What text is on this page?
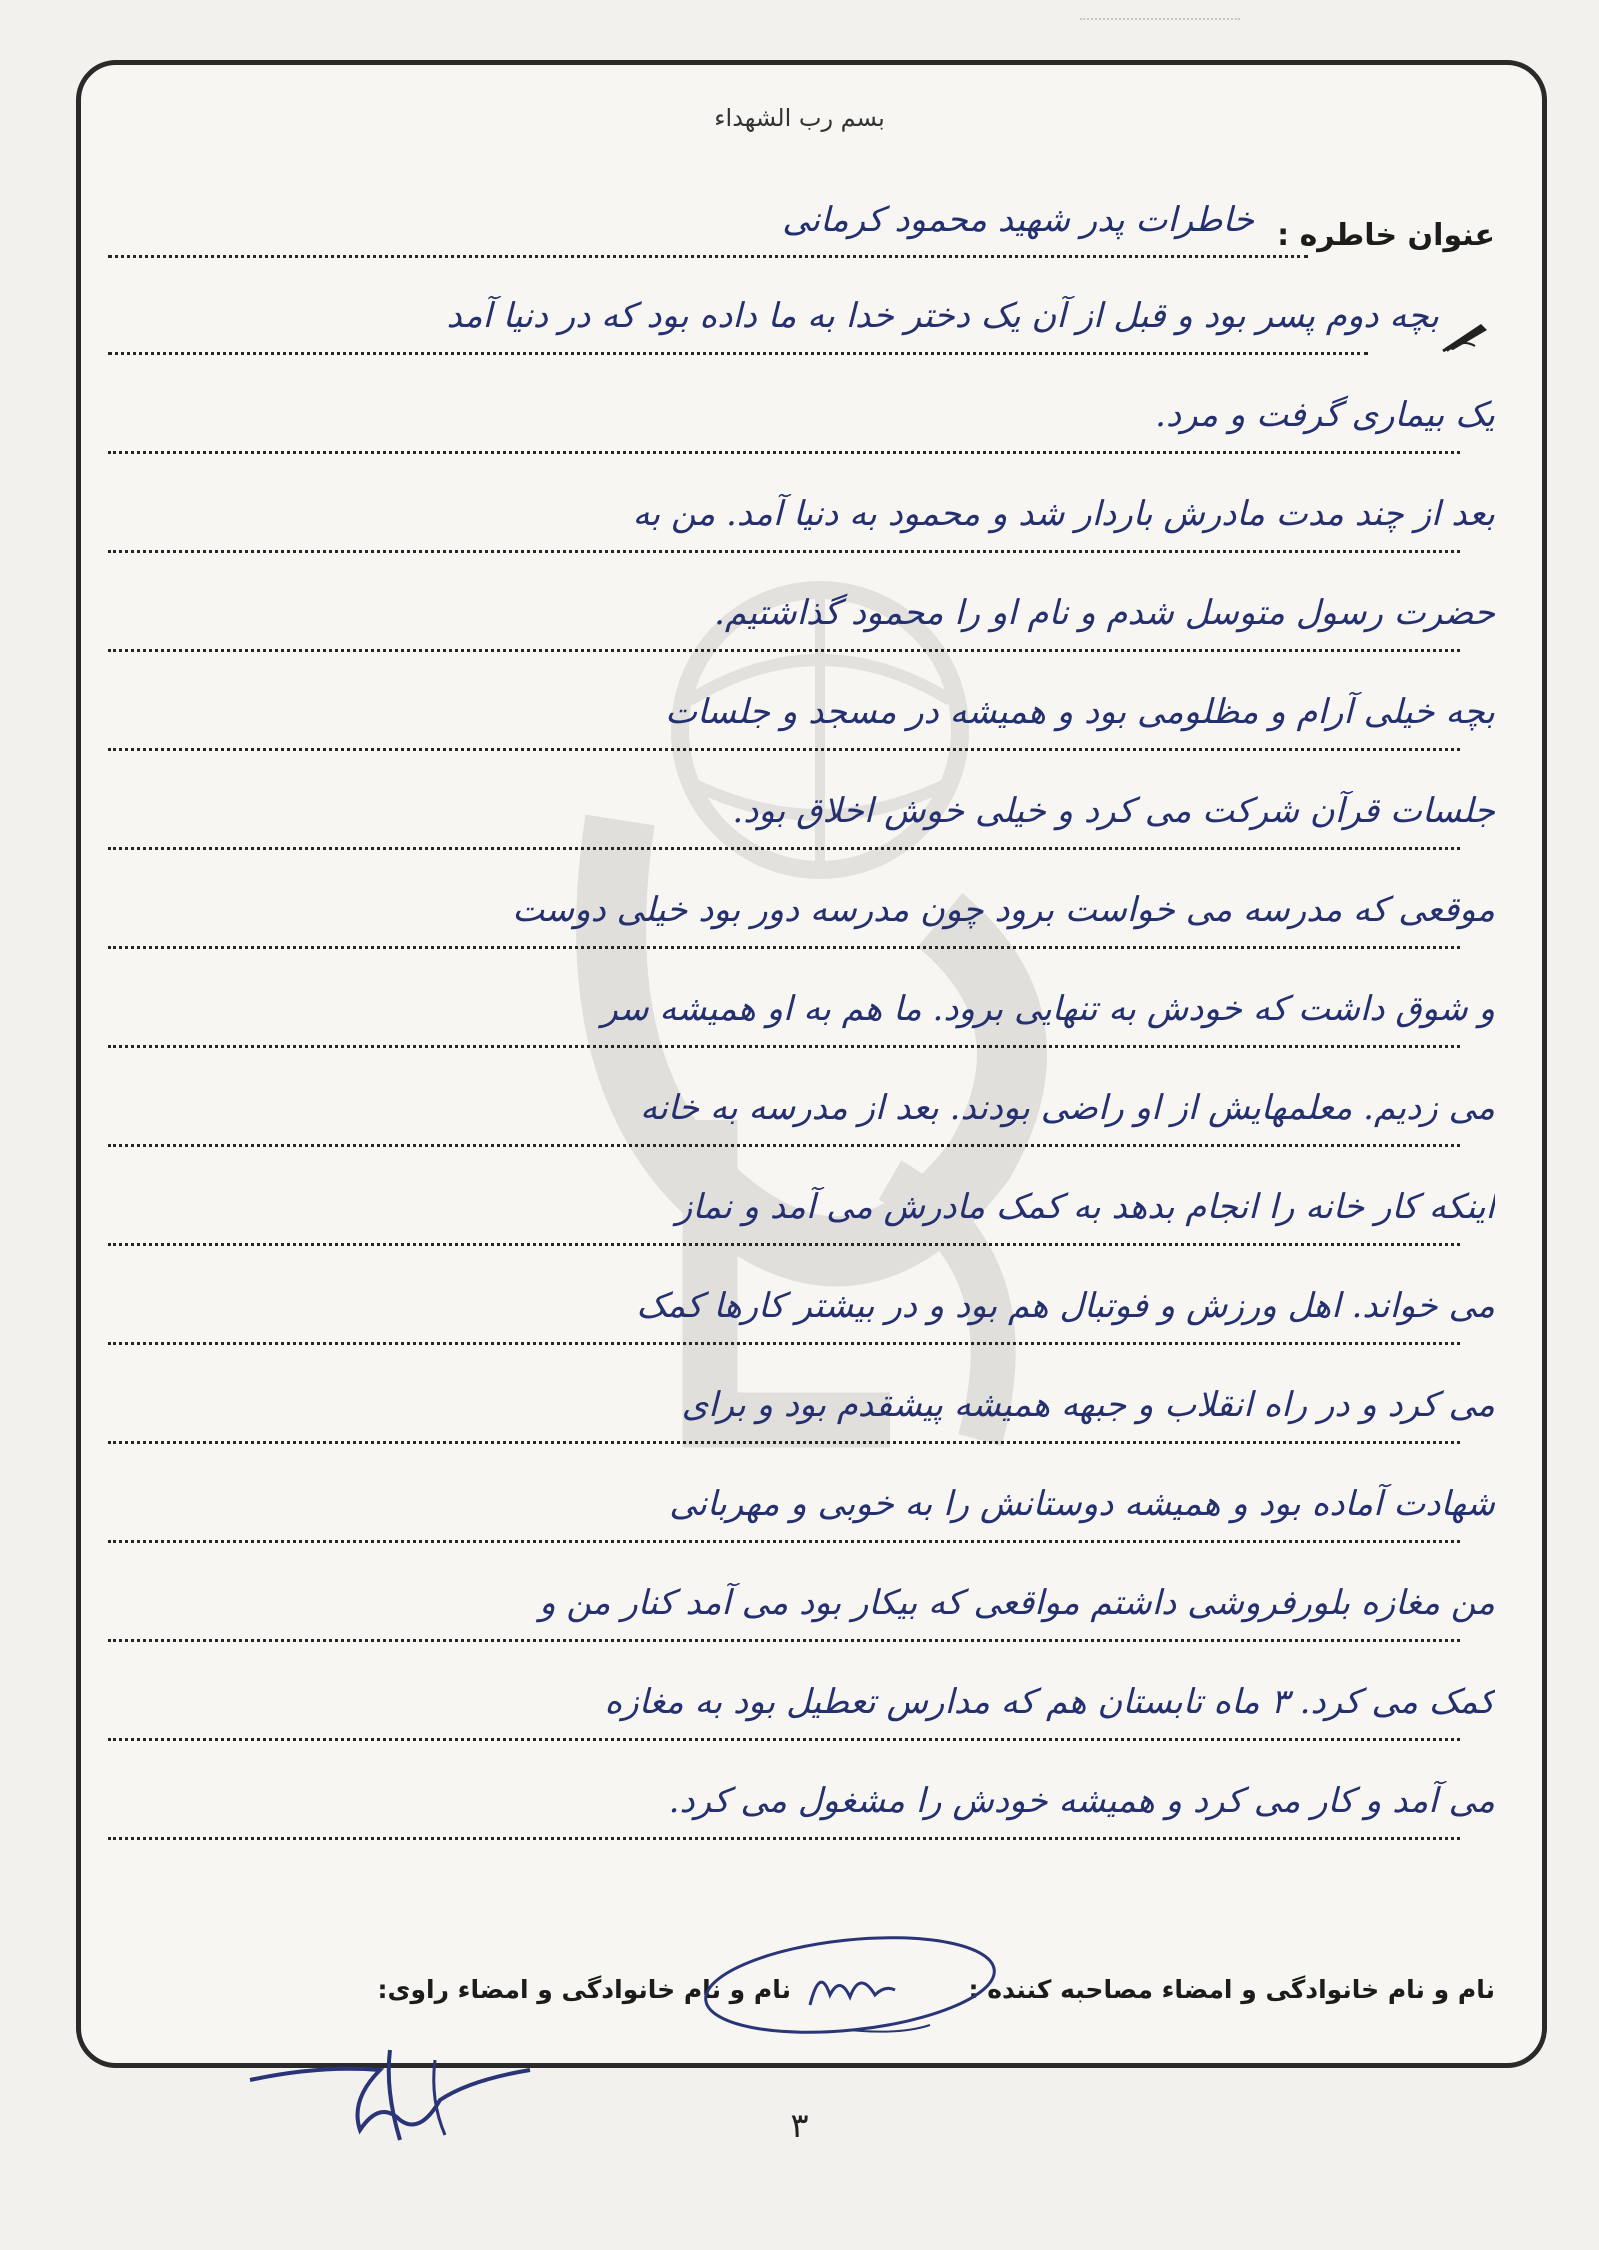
بسم رب الشهداء
عنوان خاطره :
خاطرات پدر شهید محمود کرمانی
بچه دوم پسر بود و قبل از آن یک دختر خدا به ما داده بود که در دنیا آمد
یک بیماری گرفت و مرد.
بعد از چند مدت مادرش باردار شد و محمود به دنیا آمد. من به
حضرت رسول متوسل شدم و نام او را محمود گذاشتیم.
بچه خیلی آرام و مظلومی بود و همیشه در مسجد و جلسات
جلسات قرآن شرکت می کرد و خیلی خوش اخلاق بود.
موقعی که مدرسه می خواست برود چون مدرسه دور بود خیلی دوست
و شوق داشت که خودش به تنهایی برود. ما هم به او همیشه سر
می زدیم. معلمهایش از او راضی بودند. بعد از مدرسه به خانه
اینکه کار خانه را انجام بدهد به کمک مادرش می آمد و نماز
می خواند. اهل ورزش و فوتبال هم بود و در بیشتر کارها کمک
می کرد و در راه انقلاب و جبهه همیشه پیشقدم بود و برای
شهادت آماده بود و همیشه دوستانش را به خوبی و مهربانی
من مغازه بلورفروشی داشتم مواقعی که بیکار بود می آمد کنار من و
کمک می کرد. ۳ ماه تابستان هم که مدارس تعطیل بود به مغازه
می آمد و کار می کرد و همیشه خودش را مشغول می کرد.
نام و نام خانوادگی و امضاء مصاحبه کننده :
نام و نام خانوادگی و امضاء راوی:
۳
